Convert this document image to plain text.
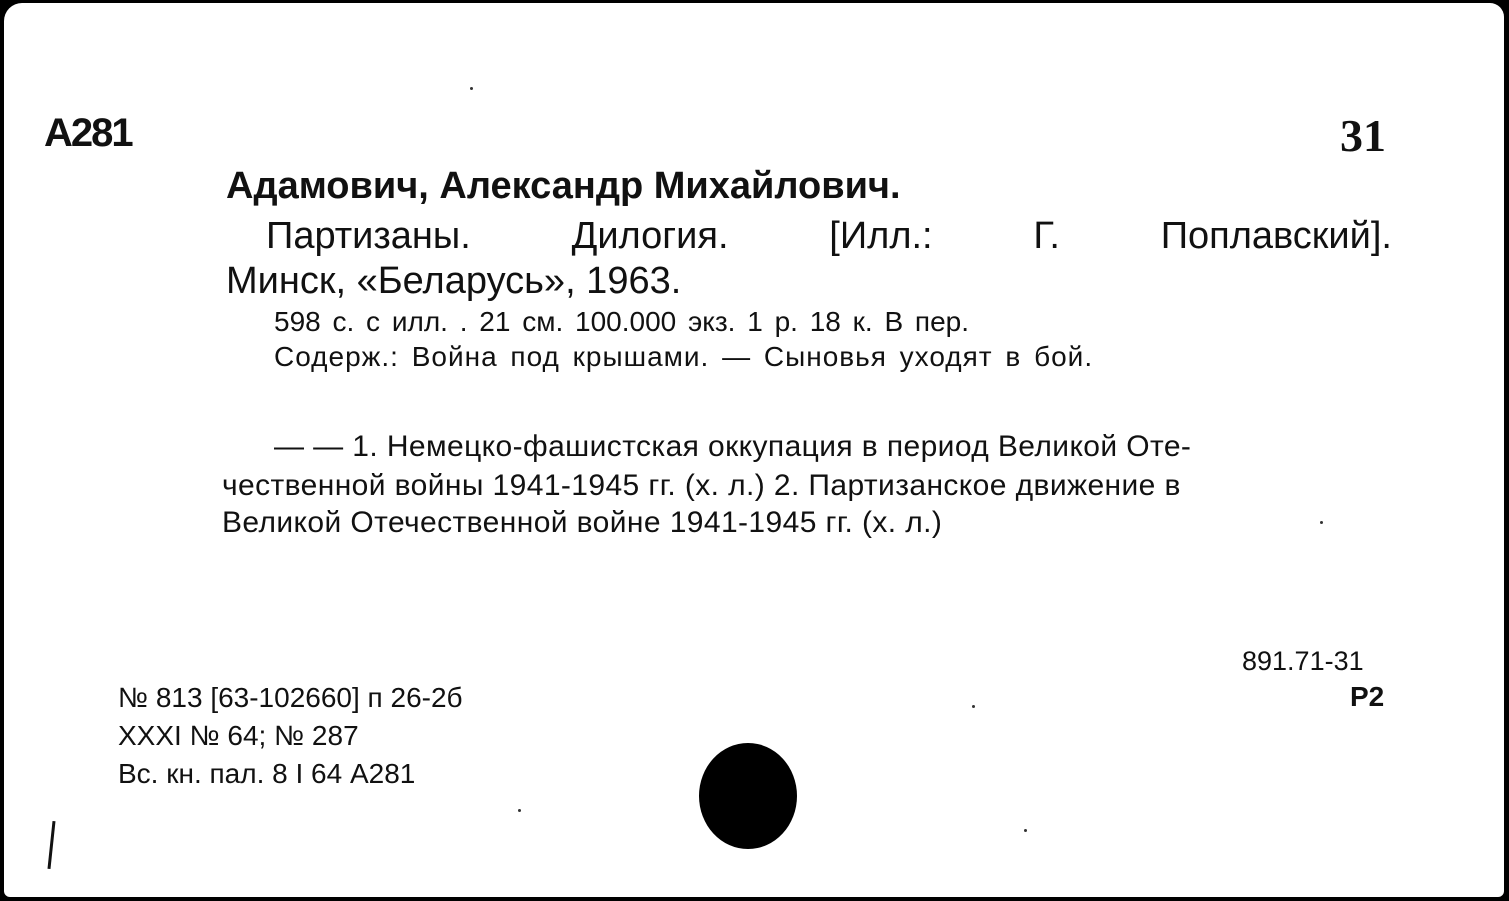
А281	31
Адамович, Александр Михайлович.
Партизаны.	Дилогия.	[Илл.:	Г.	Поплавский].
Минск, «Беларусь», 1963.
598 с. с илл. . 21 см. 100.000 экз. 1 р. 18 к. В пер.
Содерж.: Война под крышами. — Сыновья уходят в бой.
— — 1. Немецко-фашистская оккупация в период Великой Оте-
чественной войны 1941-1945 гг. (х. л.) 2. Партизанское движение в
Великой Отечественной войне 1941-1945 гг. (х. л.)
891.71-31
Р2
№ 813 [63-102660] п 26-2б
XXXI № 64; № 287
Вс. кн. пал. 8 I 64 А281
